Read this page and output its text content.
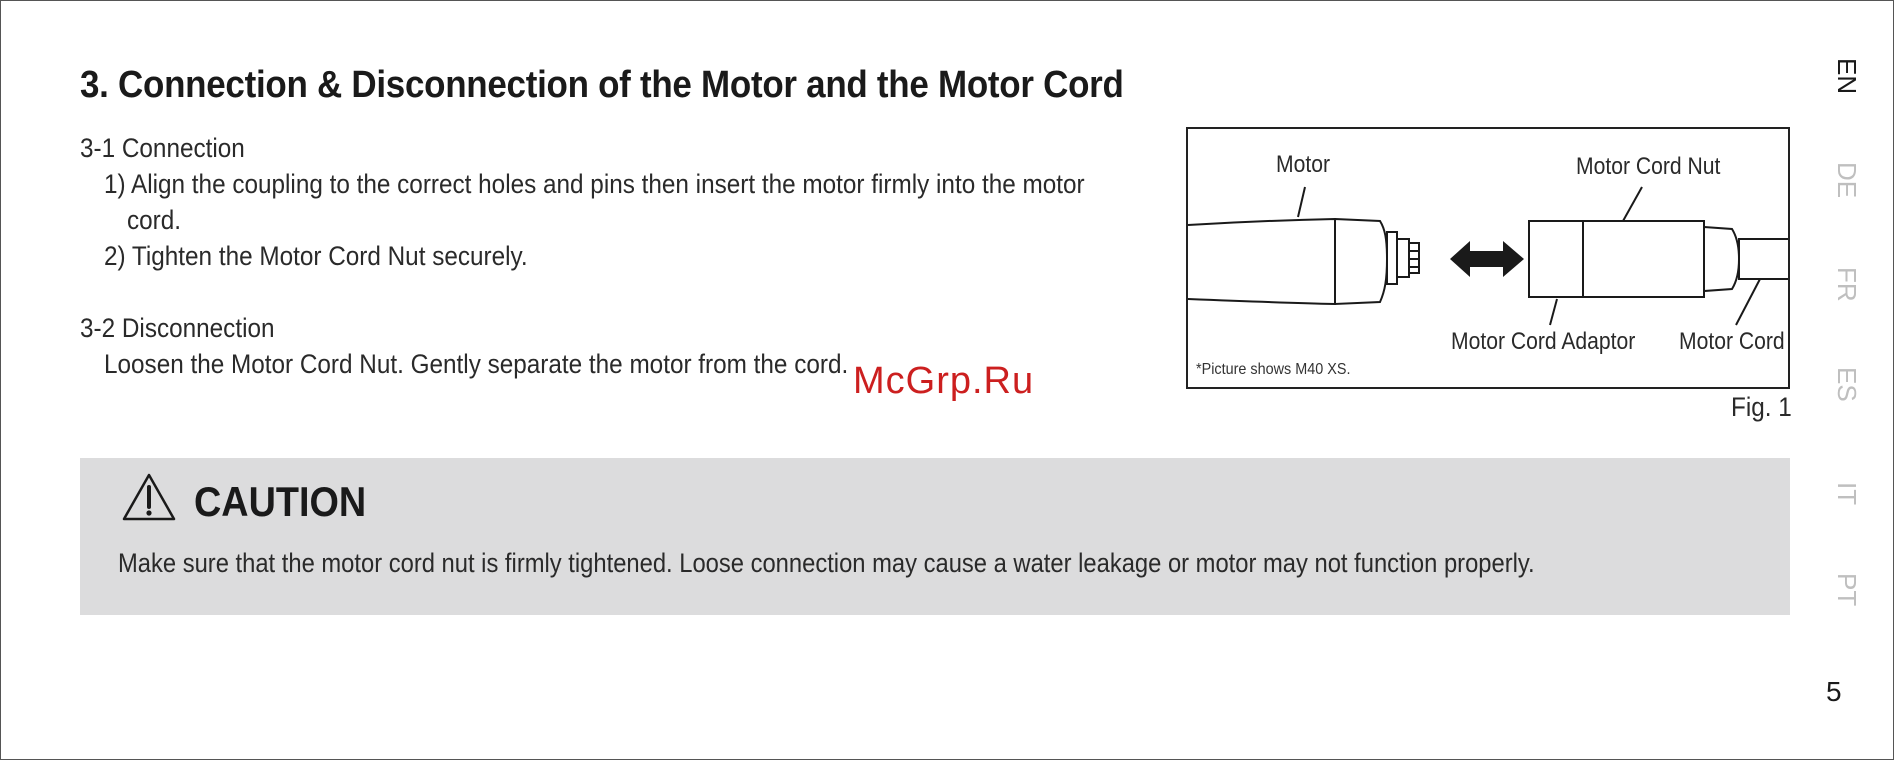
3. Connection & Disconnection of the Motor and the Motor Cord
3-1 Connection
1) Align the coupling to the correct holes and pins then insert the motor firmly into the motor
cord.
2) Tighten the Motor Cord Nut securely.
3-2 Disconnection
Loosen the Motor Cord Nut. Gently separate the motor from the cord. McGrp.Ru
Motor	Motor Cord Nut
Motor Cord Adaptor Motor Cord
*Picture shows M40 XS.
Fig. 1
CAUTION
Make sure that the motor cord nut is firmly tightened. Loose connection may cause a water leakage or motor may not function properly.
EN
DE
FR
ES
IT
PT
5
